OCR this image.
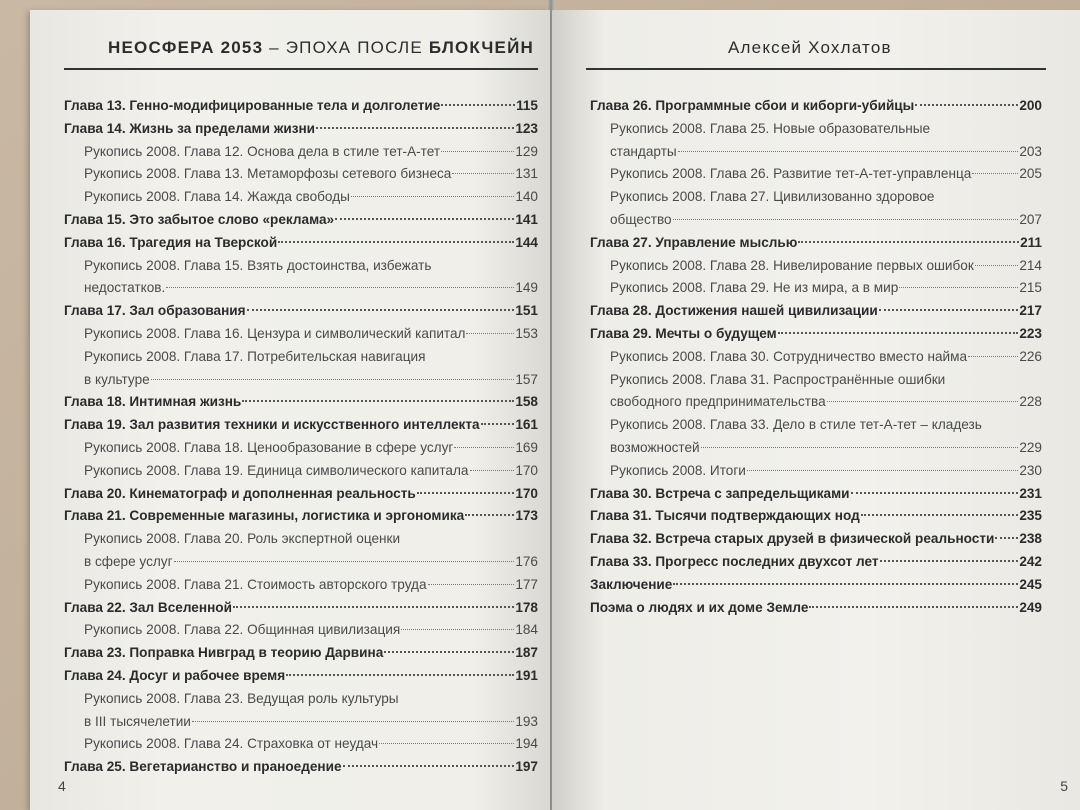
НЕОСФЕРА 2053 – ЭПОХА ПОСЛЕ БЛОКЧЕЙН
Глава 13. Генно-модифицированные тела и долголетие	115
Глава 14. Жизнь за пределами жизни	123
Рукопись 2008. Глава 12. Основа дела в стиле тет-А-тет	129
Рукопись 2008. Глава 13. Метаморфозы сетевого бизнеса	131
Рукопись 2008. Глава 14. Жажда свободы	140
Глава 15. Это забытое слово «реклама»	141
Глава 16. Трагедия на Тверской	144
Рукопись 2008. Глава 15. Взять достоинства, избежать
недостатков.	149
Глава 17. Зал образования	151
Рукопись 2008. Глава 16. Цензура и символический капитал	153
Рукопись 2008. Глава 17. Потребительская навигация
в культуре	157
Глава 18. Интимная жизнь	158
Глава 19. Зал развития техники и искусственного интеллекта	161
Рукопись 2008. Глава 18. Ценообразование в сфере услуг	169
Рукопись 2008. Глава 19. Единица символического капитала	170
Глава 20. Кинематограф и дополненная реальность	170
Глава 21. Современные магазины, логистика и эргономика	173
Рукопись 2008. Глава 20. Роль экспертной оценки
в сфере услуг	176
Рукопись 2008. Глава 21. Стоимость авторского труда	177
Глава 22. Зал Вселенной	178
Рукопись 2008. Глава 22. Общинная цивилизация	184
Глава 23. Поправка Нивград в теорию Дарвина	187
Глава 24. Досуг и рабочее время	191
Рукопись 2008. Глава 23. Ведущая роль культуры
в III тысячелетии	193
Рукопись 2008. Глава 24. Страховка от неудач	194
Глава 25. Вегетарианство и праноедение	197
4
Алексей Хохлатов
Глава 26. Программные сбои и киборги-убийцы	200
Рукопись 2008. Глава 25. Новые образовательные
стандарты	203
Рукопись 2008. Глава 26. Развитие тет-А-тет-управленца	205
Рукопись 2008. Глава 27. Цивилизованно здоровое
общество	207
Глава 27. Управление мыслью	211
Рукопись 2008. Глава 28. Нивелирование первых ошибок	214
Рукопись 2008. Глава 29. Не из мира, а в мир	215
Глава 28. Достижения нашей цивилизации	217
Глава 29. Мечты о будущем	223
Рукопись 2008. Глава 30. Сотрудничество вместо найма	226
Рукопись 2008. Глава 31. Распространённые ошибки
свободного предпринимательства	228
Рукопись 2008. Глава 33. Дело в стиле тет-А-тет – кладезь
возможностей	229
Рукопись 2008. Итоги	230
Глава 30. Встреча с запредельщиками	231
Глава 31. Тысячи подтверждающих нод	235
Глава 32. Встреча старых друзей в физической реальности 238
Глава 33. Прогресс последних двухсот лет	242
Заключение	245
Поэма о людях и их доме Земле	249
5
